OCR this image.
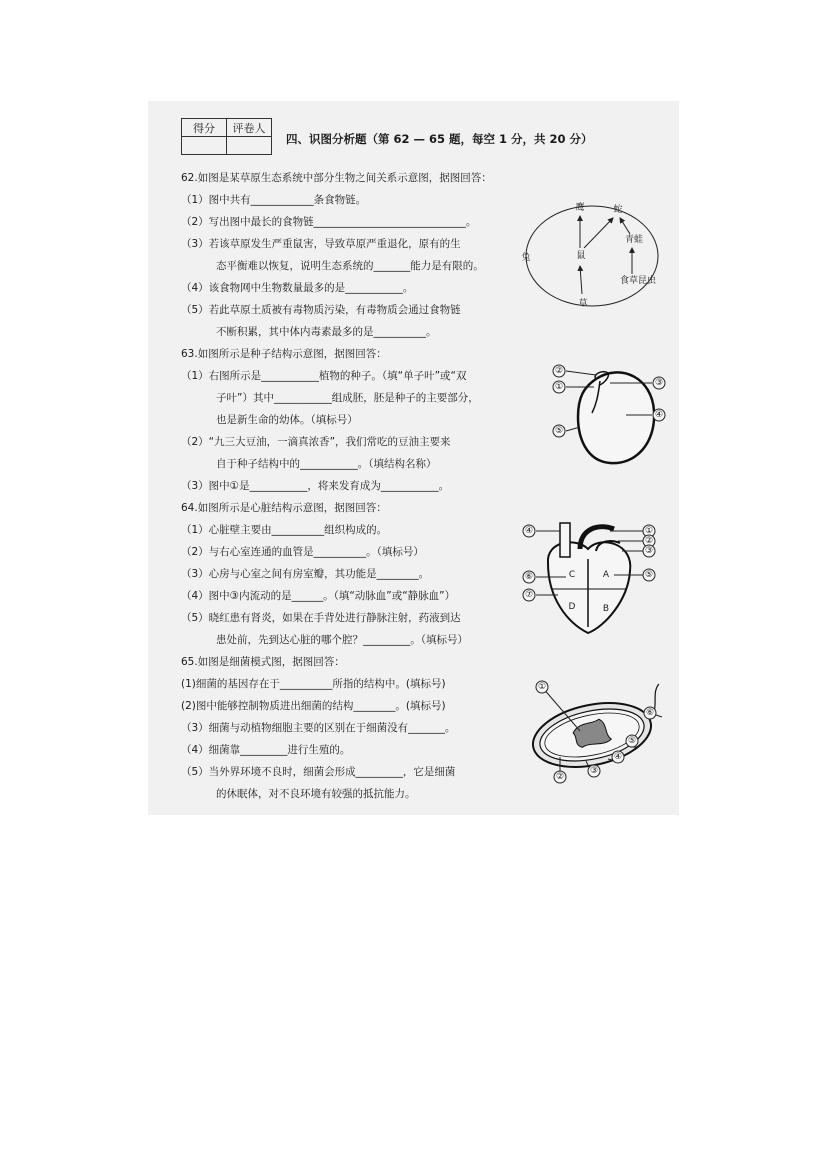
得分	评卷人

四、识图分析题（第 62 — 65 题，每空 1 分，共 20 分）
62.如图是某草原生态系统中部分生物之间关系示意图，据图回答：
（1）图中共有____________条食物链。
（2）写出图中最长的食物链_____________________________。
（3）若该草原发生严重鼠害，导致草原严重退化，原有的生
态平衡难以恢复，说明生态系统的_______能力是有限的。
（4）该食物网中生物数量最多的是___________。
（5）若此草原土质被有毒物质污染，有毒物质会通过食物链
不断积累，其中体内毒素最多的是__________。
鹰	蛇
青蛙
兔	鼠
食草昆虫
草
63.如图所示是种子结构示意图，据图回答：
（1）右图所示是___________植物的种子。（填“单子叶”或“双
子叶”）其中___________组成胚，胚是种子的主要部分，
也是新生命的幼体。（填标号）
（2）“九三大豆油，一滴真浓香”，我们常吃的豆油主要来
自于种子结构中的___________。（填结构名称）
（3）图中①是___________，将来发育成为___________。
②
①	③
④
⑤
64.如图所示是心脏结构示意图，据图回答：
（1）心脏壁主要由__________组织构成的。
（2）与右心室连通的血管是__________。（填标号）
（3）心房与心室之间有房室瓣，其功能是________。
（4）图中③内流动的是______。（填“动脉血”或“静脉血”）
（5）晓红患有肾炎，如果在手背处进行静脉注射，药液到达
患处前，先到达心脏的哪个腔？_________。（填标号）
④	①
②
③
⑥	⑤
⑦
A
B
C
D
65.如图是细菌模式图，据图回答：
(1)细菌的基因存在于__________所指的结构中。(填标号)
(2)图中能够控制物质进出细菌的结构________。(填标号)
（3）细菌与动植物细胞主要的区别在于细菌没有_______。
（4）细菌靠_________进行生殖的。
（5）当外界环境不良时，细菌会形成_________，它是细菌
的休眠体，对不良环境有较强的抵抗能力。
①
⑥
⑤
④
③
②
